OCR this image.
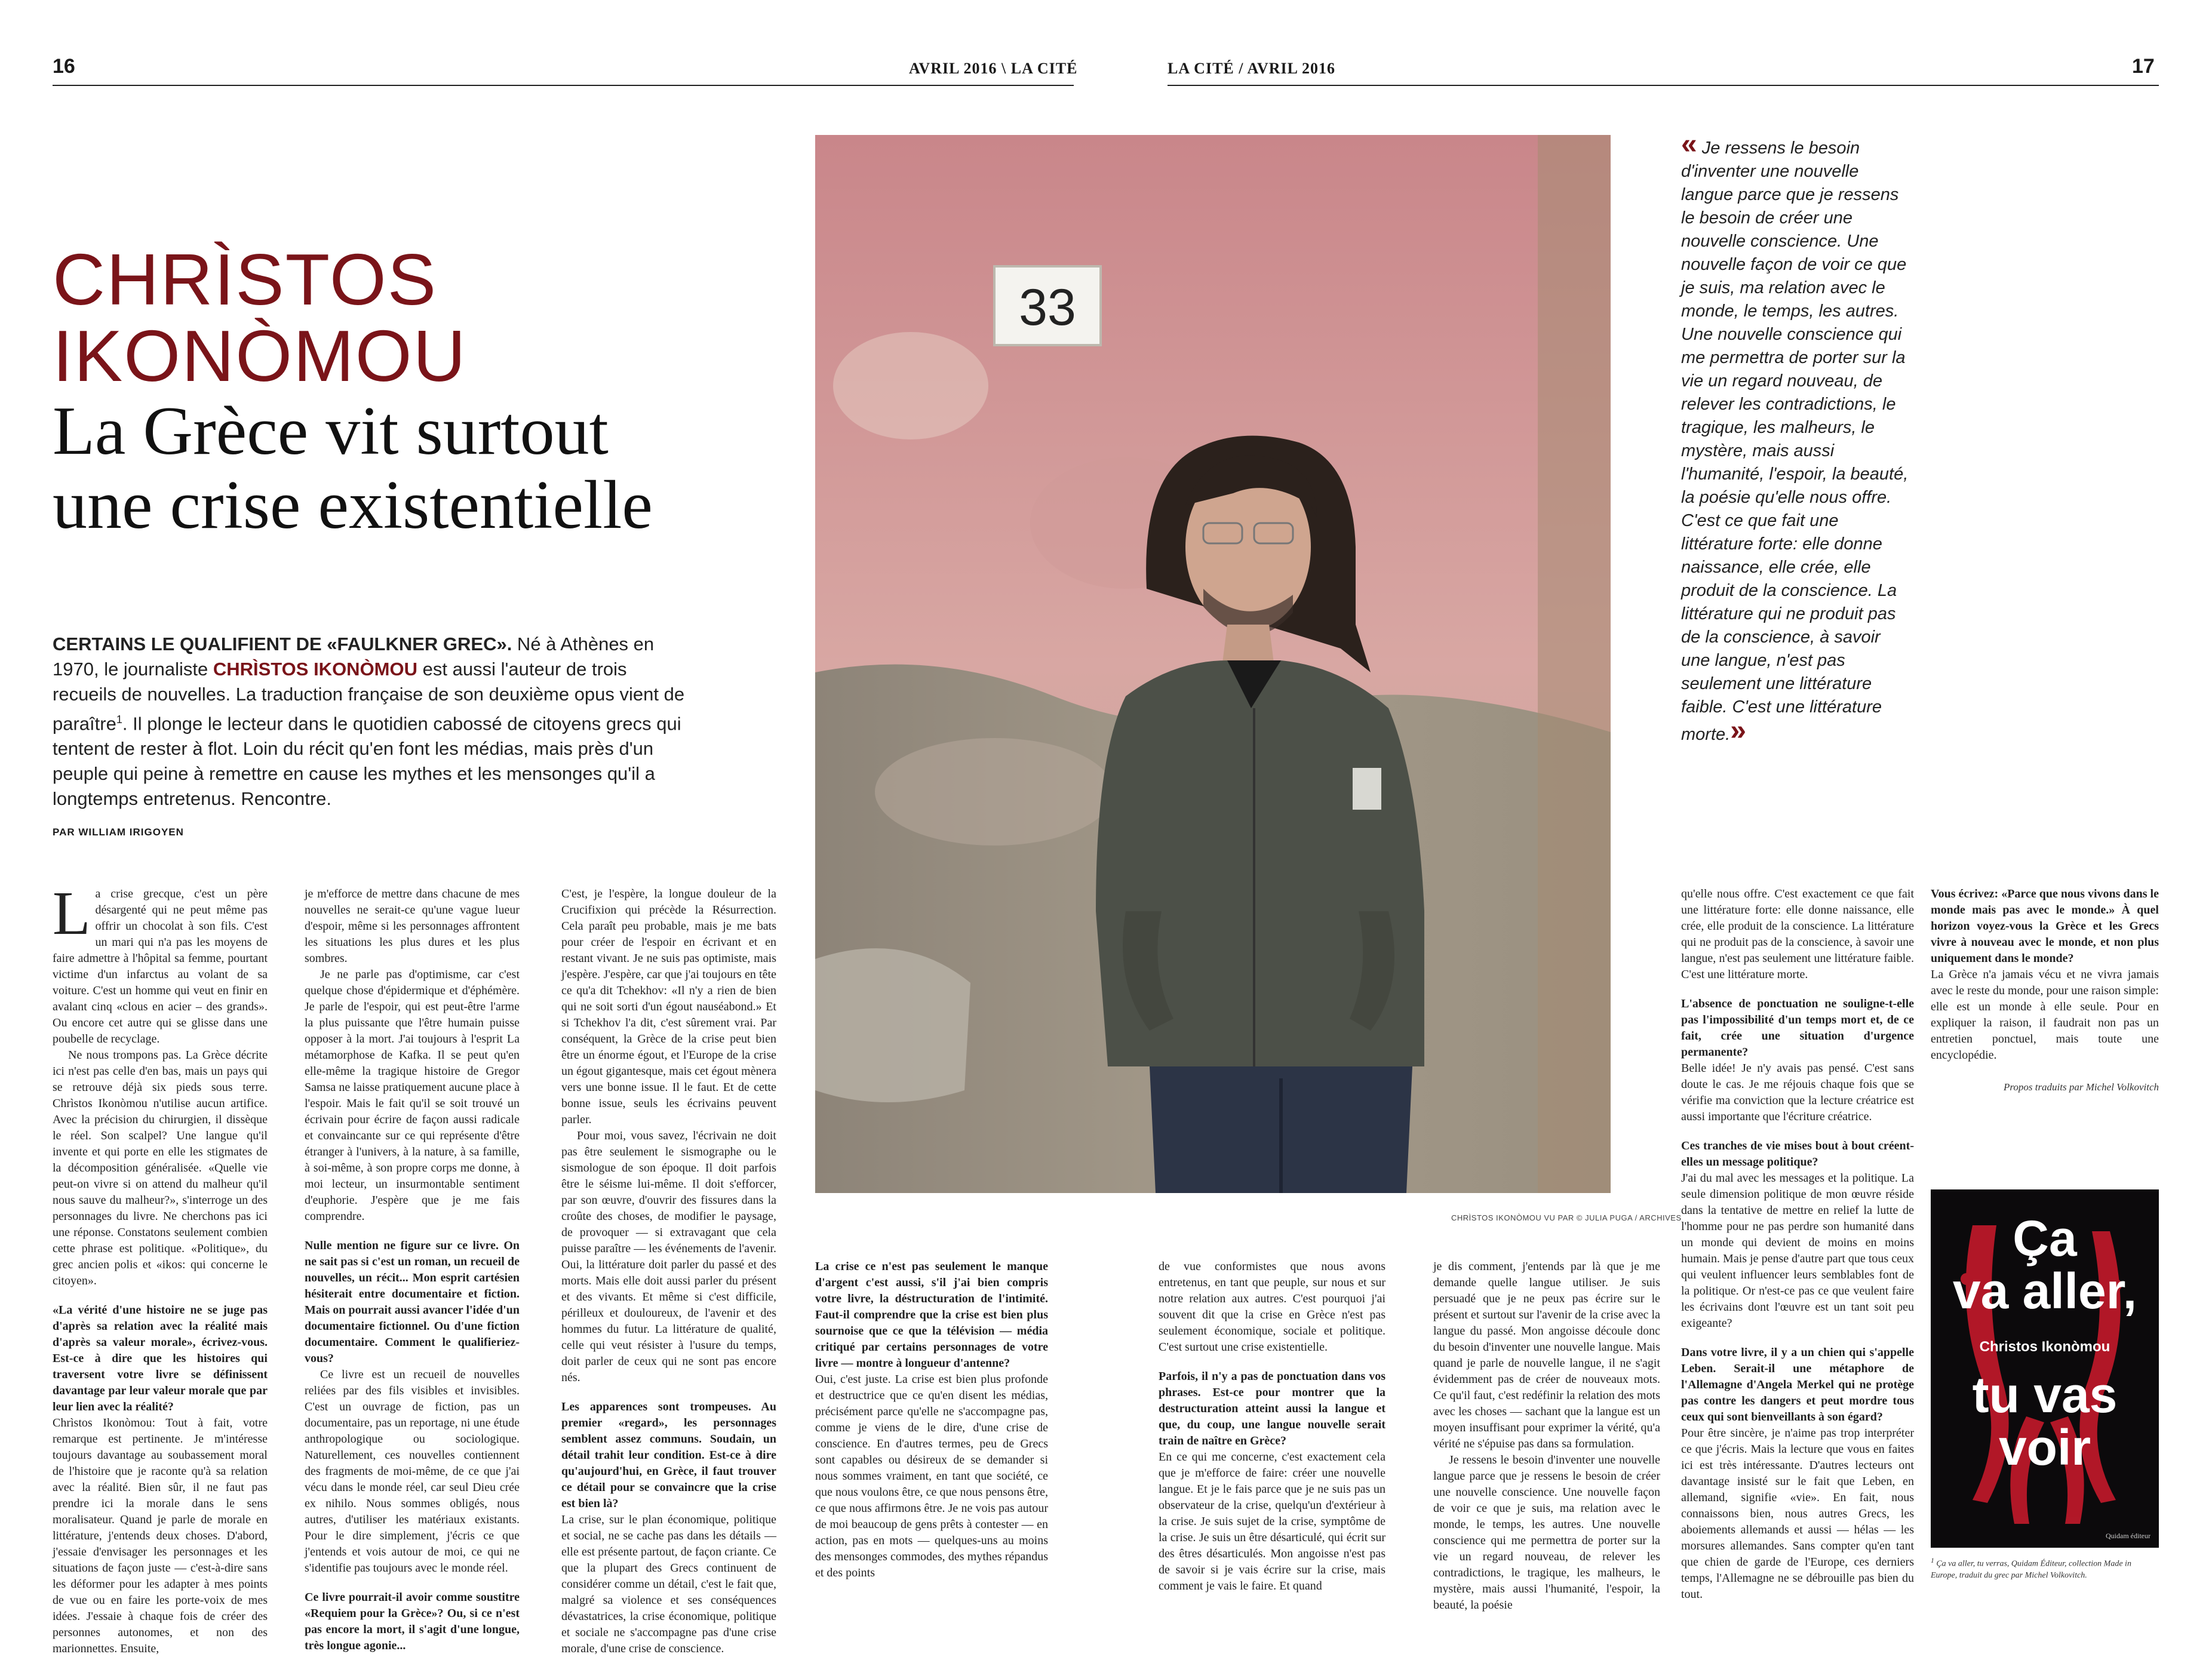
16	AVRIL 2016 \ LA CITÉ	LA CITÉ / AVRIL 2016	17
CHRÌSTOS
IKONÒMOU
La Grèce vit surtout
une crise existentielle
CERTAINS LE QUALIFIENT DE «FAULKNER GREC». Né à Athènes en 1970, le journaliste CHRÌSTOS IKONÒMOU est aussi l'auteur de trois recueils de nouvelles. La traduction française de son deuxième opus vient de paraître$^1$. Il plonge le lecteur dans le quotidien cabossé de citoyens grecs qui tentent de rester à flot. Loin du récit qu'en font les médias, mais près d'un peuple qui peine à remettre en cause les mythes et les mensonges qu'il a longtemps entretenus. Rencontre.
PAR WILLIAM IRIGOYEN
33
CHRÌSTOS IKONÒMOU VU PAR © JULIA PUGA / ARCHIVES
« Je ressens le besoin d'inventer une nouvelle langue parce que je ressens le besoin de créer une nouvelle conscience. Une nouvelle façon de voir ce que je suis, ma relation avec le monde, le temps, les autres. Une nouvelle conscience qui me permettra de porter sur la vie un regard nouveau, de relever les contradictions, le tragique, les malheurs, le mystère, mais aussi l'humanité, l'espoir, la beauté, la poésie qu'elle nous offre. C'est ce que fait une littérature forte: elle donne naissance, elle crée, elle produit de la conscience. La littérature qui ne produit pas de la conscience, à savoir une langue, n'est pas seulement une littérature faible. C'est une littérature morte.»

La crise grecque, c'est un père désargenté qui ne peut même pas offrir un chocolat à son fils. C'est un mari qui n'a pas les moyens de faire admettre à l'hôpital sa femme, pourtant victime d'un infarctus au volant de sa voiture. C'est un homme qui veut en finir en avalant cinq «clous en acier – des grands». Ou encore cet autre qui se glisse dans une poubelle de recyclage.

Ne nous trompons pas. La Grèce décrite ici n'est pas celle d'en bas, mais un pays qui se retrouve déjà six pieds sous terre. Chrìstos Ikonòmou n'utilise aucun artifice. Avec la précision du chirurgien, il dissèque le réel. Son scalpel? Une langue qu'il invente et qui porte en elle les stigmates de la décomposition généralisée. «Quelle vie peut-on vivre si on attend du malheur qu'il nous sauve du malheur?», s'interroge un des personnages du livre. Ne cherchons pas ici une réponse. Constatons seulement combien cette phrase est politique. «Politique», du grec ancien polis et «ikos: qui concerne le citoyen».

«La vérité d'une histoire ne se juge pas d'après sa relation avec la réalité mais d'après sa valeur morale», écrivez-vous. Est-ce à dire que les histoires qui traversent votre livre se définissent davantage par leur valeur morale que par leur lien avec la réalité?

Chrìstos Ikonòmou: Tout à fait, votre remarque est pertinente. Je m'intéresse toujours davantage au soubassement moral de l'histoire que je raconte qu'à sa relation avec la réalité. Bien sûr, il ne faut pas prendre ici la morale dans le sens moralisateur. Quand je parle de morale en littérature, j'entends deux choses. D'abord, j'essaie d'envisager les personnages et les situations de façon juste — c'est-à-dire sans les déformer pour les adapter à mes points de vue ou en faire les porte-voix de mes idées. J'essaie à chaque fois de créer des personnes autonomes, et non des marionnettes. Ensuite,

je m'efforce de mettre dans chacune de mes nouvelles ne serait-ce qu'une vague lueur d'espoir, même si les personnages affrontent les situations les plus dures et les plus sombres.

Je ne parle pas d'optimisme, car c'est quelque chose d'épidermique et d'éphémère. Je parle de l'espoir, qui est peut-être l'arme la plus puissante que l'être humain puisse opposer à la mort. J'ai toujours à l'esprit La métamorphose de Kafka. Il se peut qu'en elle-même la tragique histoire de Gregor Samsa ne laisse pratiquement aucune place à l'espoir. Mais le fait qu'il se soit trouvé un écrivain pour écrire de façon aussi radicale et convaincante sur ce qui représente d'être étranger à l'univers, à la nature, à sa famille, à soi-même, à son propre corps me donne, à moi lecteur, un insurmontable sentiment d'euphorie. J'espère que je me fais comprendre.

Nulle mention ne figure sur ce livre. On ne sait pas si c'est un roman, un recueil de nouvelles, un récit... Mon esprit cartésien hésiterait entre documentaire et fiction. Mais on pourrait aussi avancer l'idée d'un documentaire fictionnel. Ou d'une fiction documentaire. Comment le qualifieriez-vous?

Ce livre est un recueil de nouvelles reliées par des fils visibles et invisibles. C'est un ouvrage de fiction, pas un documentaire, pas un reportage, ni une étude anthropologique ou sociologique. Naturellement, ces nouvelles contiennent des fragments de moi-même, de ce que j'ai vécu dans le monde réel, car seul Dieu crée ex nihilo. Nous sommes obligés, nous autres, d'utiliser les matériaux existants. Pour le dire simplement, j'écris ce que j'entends et vois autour de moi, ce qui ne s'identifie pas toujours avec le monde réel.

Ce livre pourrait-il avoir comme soustitre «Requiem pour la Grèce»? Ou, si ce n'est pas encore la mort, il s'agit d'une longue, très longue agonie...

C'est, je l'espère, la longue douleur de la Crucifixion qui précède la Résurrection. Cela paraît peu probable, mais je me bats pour créer de l'espoir en écrivant et en restant vivant. Je ne suis pas optimiste, mais j'espère. J'espère, car que j'ai toujours en tête ce qu'a dit Tchekhov: «Il n'y a rien de bien qui ne soit sorti d'un égout nauséabond.» Et si Tchekhov l'a dit, c'est sûrement vrai. Par conséquent, la Grèce de la crise peut bien être un énorme égout, et l'Europe de la crise un égout gigantesque, mais cet égout mènera vers une bonne issue. Il le faut. Et de cette bonne issue, seuls les écrivains peuvent parler.

Pour moi, vous savez, l'écrivain ne doit pas être seulement le sismographe ou le sismologue de son époque. Il doit parfois être le séisme lui-même. Il doit s'efforcer, par son œuvre, d'ouvrir des fissures dans la croûte des choses, de modifier le paysage, de provoquer — si extravagant que cela puisse paraître — les événements de l'avenir. Oui, la littérature doit parler du passé et des morts. Mais elle doit aussi parler du présent et des vivants. Et même si c'est difficile, périlleux et douloureux, de l'avenir et des hommes du futur. La littérature de qualité, celle qui veut résister à l'usure du temps, doit parler de ceux qui ne sont pas encore nés.

Les apparences sont trompeuses. Au premier «regard», les personnages semblent assez communs. Soudain, un détail trahit leur condition. Est-ce à dire qu'aujourd'hui, en Grèce, il faut trouver ce détail pour se convaincre que la crise est bien là?

La crise, sur le plan économique, politique et social, ne se cache pas dans les détails — elle est présente partout, de façon criante. Ce que la plupart des Grecs continuent de considérer comme un détail, c'est le fait que, malgré sa violence et ses conséquences dévastatrices, la crise économique, politique et sociale ne s'accompagne pas d'une crise morale, d'une crise de conscience.

La crise ce n'est pas seulement le manque d'argent c'est aussi, s'il j'ai bien compris votre livre, la déstructuration de l'intimité. Faut-il comprendre que la crise est bien plus sournoise que ce que la télévision — média critiqué par certains personnages de votre livre — montre à longueur d'antenne?

Oui, c'est juste. La crise est bien plus profonde et destructrice que ce qu'en disent les médias, précisément parce qu'elle ne s'accompagne pas, comme je viens de le dire, d'une crise de conscience. En d'autres termes, peu de Grecs sont capables ou désireux de se demander si nous sommes vraiment, en tant que société, ce que nous voulons être, ce que nous pensons être, ce que nous affirmons être. Je ne vois pas autour de moi beaucoup de gens prêts à contester — en action, pas en mots — quelques-uns au moins des mensonges commodes, des mythes répandus et des points

de vue conformistes que nous avons entretenus, en tant que peuple, sur nous et sur notre relation aux autres. C'est pourquoi j'ai souvent dit que la crise en Grèce n'est pas seulement économique, sociale et politique. C'est surtout une crise existentielle.

Parfois, il n'y a pas de ponctuation dans vos phrases. Est-ce pour montrer que la destructuration atteint aussi la langue et que, du coup, une langue nouvelle serait train de naître en Grèce?

En ce qui me concerne, c'est exactement cela que je m'efforce de faire: créer une nouvelle langue. Et je le fais parce que je ne suis pas un observateur de la crise, quelqu'un d'extérieur à la crise. Je suis sujet de la crise, symptôme de la crise. Je suis un être désarticulé, qui écrit sur des êtres désarticulés. Mon angoisse n'est pas de savoir si je vais écrire sur la crise, mais comment je vais le faire. Et quand

je dis comment, j'entends par là que je me demande quelle langue utiliser. Je suis persuadé que je ne peux pas écrire sur le présent et surtout sur l'avenir de la crise avec la langue du passé. Mon angoisse découle donc du besoin d'inventer une nouvelle langue. Mais quand je parle de nouvelle langue, il ne s'agit évidemment pas de créer de nouveaux mots. Ce qu'il faut, c'est redéfinir la relation des mots avec les choses — sachant que la langue est un moyen insuffisant pour exprimer la vérité, qu'a vérité ne s'épuise pas dans sa formulation.

Je ressens le besoin d'inventer une nouvelle langue parce que je ressens le besoin de créer une nouvelle conscience. Une nouvelle façon de voir ce que je suis, ma relation avec le monde, le temps, les autres. Une nouvelle conscience qui me permettra de porter sur la vie un regard nouveau, de relever les contradictions, le tragique, les malheurs, le mystère, mais aussi l'humanité, l'espoir, la beauté, la poésie

qu'elle nous offre. C'est exactement ce que fait une littérature forte: elle donne naissance, elle crée, elle produit de la conscience. La littérature qui ne produit pas de la conscience, à savoir une langue, n'est pas seulement une littérature faible. C'est une littérature morte.

L'absence de ponctuation ne souligne-t-elle pas l'impossibilité d'un temps mort et, de ce fait, crée une situation d'urgence permanente?

Belle idée! Je n'y avais pas pensé. C'est sans doute le cas. Je me réjouis chaque fois que se vérifie ma conviction que la lecture créatrice est aussi importante que l'écriture créatrice.

Ces tranches de vie mises bout à bout créent-elles un message politique?

J'ai du mal avec les messages et la politique. La seule dimension politique de mon œuvre réside dans la tentative de mettre en relief la lutte de l'homme pour ne pas perdre son humanité dans un monde qui devient de moins en moins humain. Mais je pense d'autre part que tous ceux qui veulent influencer leurs semblables font de la politique. Or n'est-ce pas ce que veulent faire les écrivains dont l'œuvre est un tant soit peu exigeante?

Dans votre livre, il y a un chien qui s'appelle Leben. Serait-il une métaphore de l'Allemagne d'Angela Merkel qui ne protège pas contre les dangers et peut mordre tous ceux qui sont bienveillants à son égard?

Pour être sincère, je n'aime pas trop interpréter ce que j'écris. Mais la lecture que vous en faites ici est très intéressante. D'autres lecteurs ont davantage insisté sur le fait que Leben, en allemand, signifie «vie». En fait, nous connaissons bien, nous autres Grecs, les aboiements allemands et aussi — hélas — les morsures allemandes. Sans compter qu'en tant que chien de garde de l'Europe, ces derniers temps, l'Allemagne ne se débrouille pas bien du tout.

Vous écrivez: «Parce que nous vivons dans le monde mais pas avec le monde.» À quel horizon voyez-vous la Grèce et les Grecs vivre à nouveau avec le monde, et non plus uniquement dans le monde?

La Grèce n'a jamais vécu et ne vivra jamais avec le reste du monde, pour une raison simple: elle est un monde à elle seule. Pour en expliquer la raison, il faudrait non pas un entretien ponctuel, mais toute une encyclopédie.

Propos traduits par Michel Volkovitch

Ça
va aller,
Christos Ikonòmou
tu vas
voir
Quidam éditeur
$^1$ Ça va aller, tu verras, Quidam Éditeur, collection Made in Europe, traduit du grec par Michel Volkovitch.
